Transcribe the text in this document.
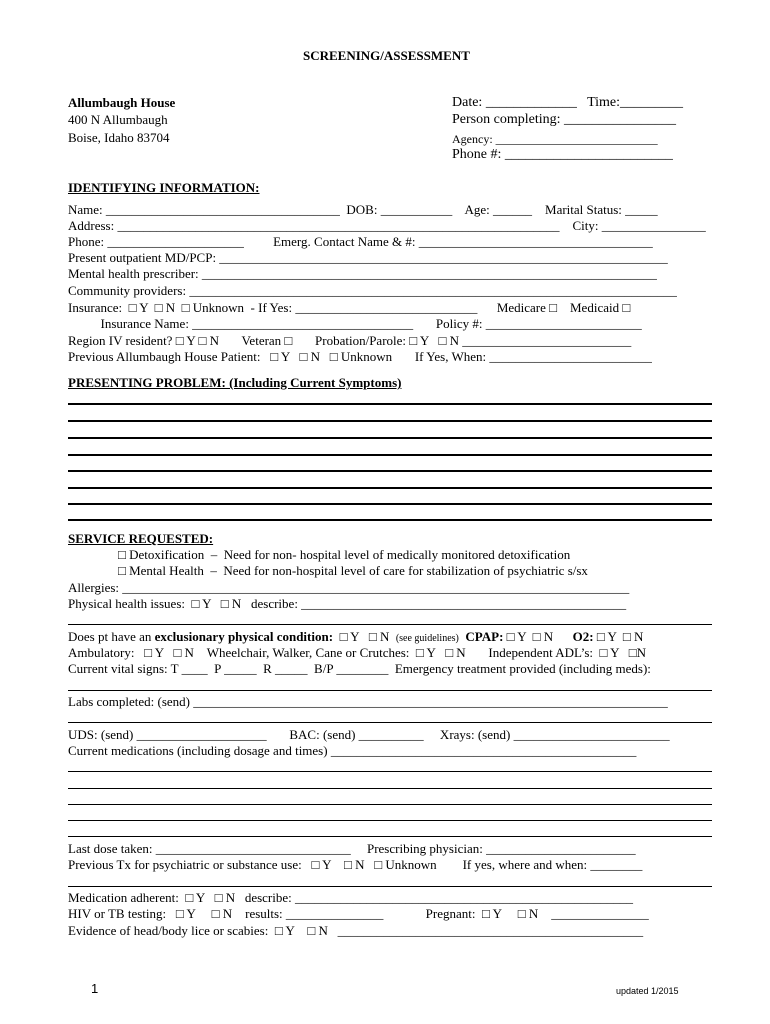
SCREENING/ASSESSMENT
Allumbaugh House
400 N Allumbaugh
Boise, Idaho 83704
Date: _____________   Time:_________
Person completing: ________________
Agency: ___________________________
Phone #: ________________________
IDENTIFYING INFORMATION:
Name: ____________________________________  DOB: ___________    Age: ______    Marital Status: _____
Address: ____________________________________________________________________    City: ________________
Phone: _____________________         Emerg. Contact Name & #: ____________________________________
Present outpatient MD/PCP: _____________________________________________________________________
Mental health prescriber: ______________________________________________________________________
Community providers: ___________________________________________________________________________
Insurance:  □ Y  □ N  □ Unknown  - If Yes: ____________________________      Medicare □    Medicaid □
Insurance Name: __________________________________       Policy #: ________________________
Region IV resident? □ Y □ N       Veteran □       Probation/Parole: □ Y   □ N __________________________
Previous Allumbaugh House Patient:   □ Y   □ N   □ Unknown       If Yes, When: _________________________
PRESENTING PROBLEM: (Including Current Symptoms)
SERVICE REQUESTED:
□ Detoxification  –  Need for non- hospital level of medically monitored detoxification
□ Mental Health  –  Need for non-hospital level of care for stabilization of psychiatric s/sx
Allergies: ______________________________________________________________________________
Physical health issues:  □ Y   □ N   describe: __________________________________________________
Does pt have an exclusionary physical condition:  □ Y   □ N  (see guidelines)  CPAP: □ Y  □ N      O2: □ Y  □ N
Ambulatory:   □ Y   □ N    Wheelchair, Walker, Cane or Crutches:  □ Y   □ N       Independent ADL’s:  □ Y   □N
Current vital signs: T ____  P _____  R _____  B/P ________  Emergency treatment provided (including meds):
Labs completed: (send) _________________________________________________________________________
UDS: (send) ____________________       BAC: (send) __________     Xrays: (send) ________________________
Current medications (including dosage and times) _______________________________________________
Last dose taken: ______________________________     Prescribing physician: _______________________
Previous Tx for psychiatric or substance use:   □ Y    □ N   □ Unknown        If yes, where and when: ________
Medication adherent:  □ Y   □ N   describe: ____________________________________________________
HIV or TB testing:   □ Y     □ N    results: _______________             Pregnant:  □ Y     □ N    _______________
Evidence of head/body lice or scabies:  □ Y    □ N   _______________________________________________
1	updated 1/2015
